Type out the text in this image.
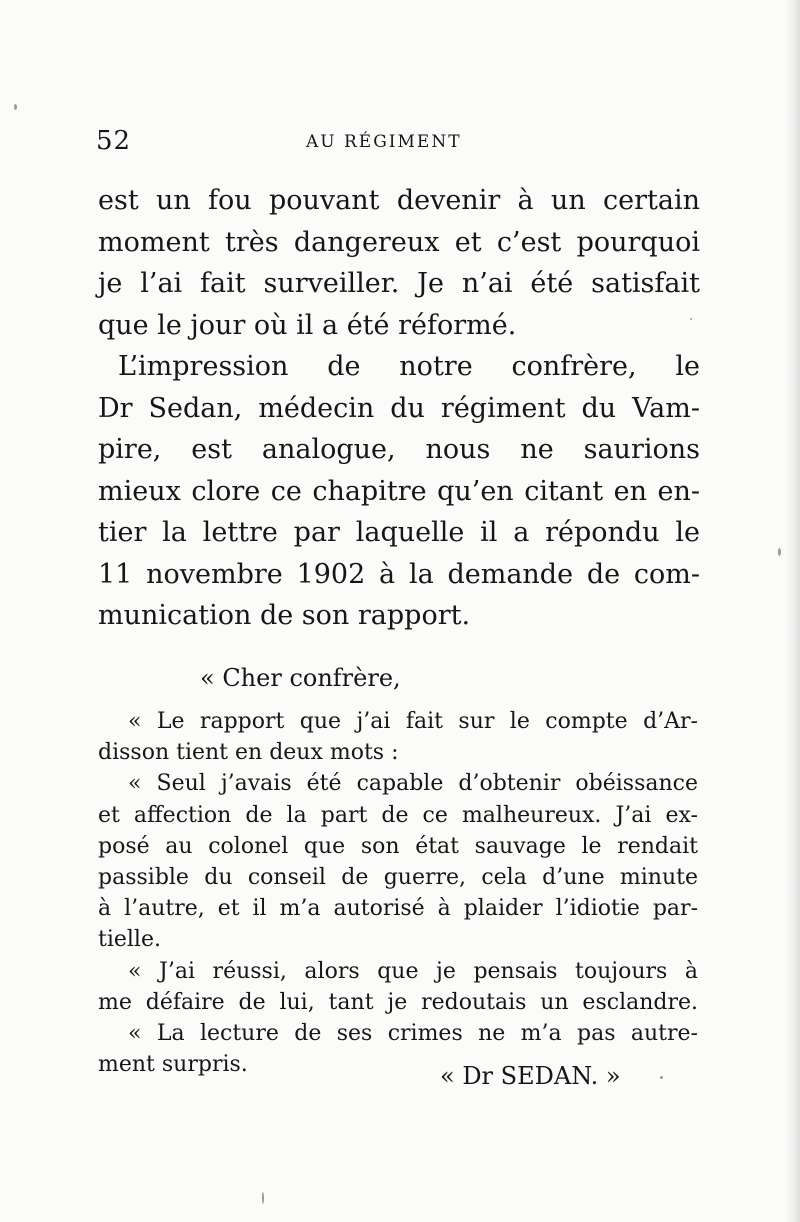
52	AU RÉGIMENT
est un fou pouvant devenir à un certain
moment très dangereux et c’est pourquoi
je l’ai fait surveiller. Je n’ai été satisfait
que le jour où il a été réformé.
L’impression de notre confrère, le
Dr Sedan, médecin du régiment du Vam-
pire, est analogue, nous ne saurions
mieux clore ce chapitre qu’en citant en en-
tier la lettre par laquelle il a répondu le
11 novembre 1902 à la demande de com-
munication de son rapport.
« Cher confrère,
« Le rapport que j’ai fait sur le compte d’Ar-
disson tient en deux mots :
« Seul j’avais été capable d’obtenir obéissance
et affection de la part de ce malheureux. J’ai ex-
posé au colonel que son état sauvage le rendait
passible du conseil de guerre, cela d’une minute
à l’autre, et il m’a autorisé à plaider l’idiotie par-
tielle.
« J’ai réussi, alors que je pensais toujours à
me défaire de lui, tant je redoutais un esclandre.
« La lecture de ses crimes ne m’a pas autre-
ment surpris.	« Dr SEDAN. »
